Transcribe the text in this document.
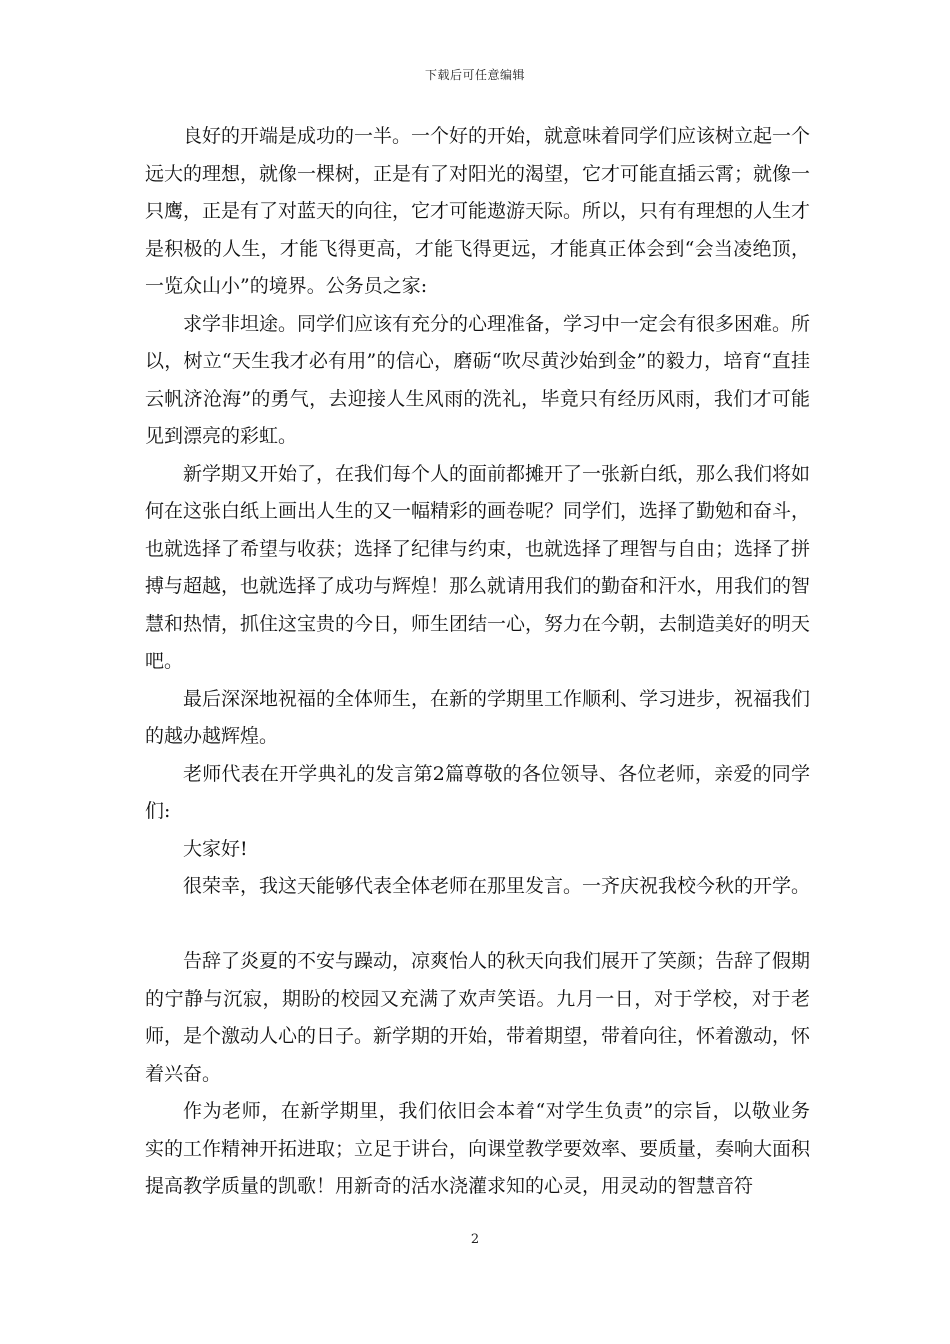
下载后可任意编辑

良好的开端是成功的一半。一个好的开始，就意味着同学们应该树立起一个远大的理想，就像一棵树，正是有了对阳光的渴望，它才可能直插云霄；就像一只鹰，正是有了对蓝天的向往，它才可能遨游天际。所以，只有有理想的人生才是积极的人生，才能飞得更高，才能飞得更远，才能真正体会到“会当凌绝顶，一览众山小”的境界。公务员之家:

求学非坦途。同学们应该有充分的心理准备，学习中一定会有很多困难。所以，树立“天生我才必有用”的信心，磨砺“吹尽黄沙始到金”的毅力，培育“直挂云帆济沧海”的勇气，去迎接人生风雨的洗礼，毕竟只有经历风雨，我们才可能见到漂亮的彩虹。

新学期又开始了，在我们每个人的面前都摊开了一张新白纸，那么我们将如何在这张白纸上画出人生的又一幅精彩的画卷呢？同学们，选择了勤勉和奋斗，也就选择了希望与收获；选择了纪律与约束，也就选择了理智与自由；选择了拼搏与超越，也就选择了成功与辉煌！那么就请用我们的勤奋和汗水，用我们的智慧和热情，抓住这宝贵的今日，师生团结一心，努力在今朝，去制造美好的明天吧。

最后深深地祝福的全体师生，在新的学期里工作顺利、学习进步，祝福我们的越办越辉煌。

老师代表在开学典礼的发言第2篇尊敬的各位领导、各位老师，亲爱的同学们:

大家好!

很荣幸，我这天能够代表全体老师在那里发言。一齐庆祝我校今秋的开学。

告辞了炎夏的不安与躁动，凉爽怡人的秋天向我们展开了笑颜；告辞了假期的宁静与沉寂，期盼的校园又充满了欢声笑语。九月一日，对于学校，对于老师，是个激动人心的日子。新学期的开始，带着期望，带着向往，怀着激动，怀着兴奋。

作为老师，在新学期里，我们依旧会本着“对学生负责”的宗旨，以敬业务实的工作精神开拓进取；立足于讲台，向课堂教学要效率、要质量，奏响大面积提高教学质量的凯歌！用新奇的活水浇灌求知的心灵，用灵动的智慧音符

2
